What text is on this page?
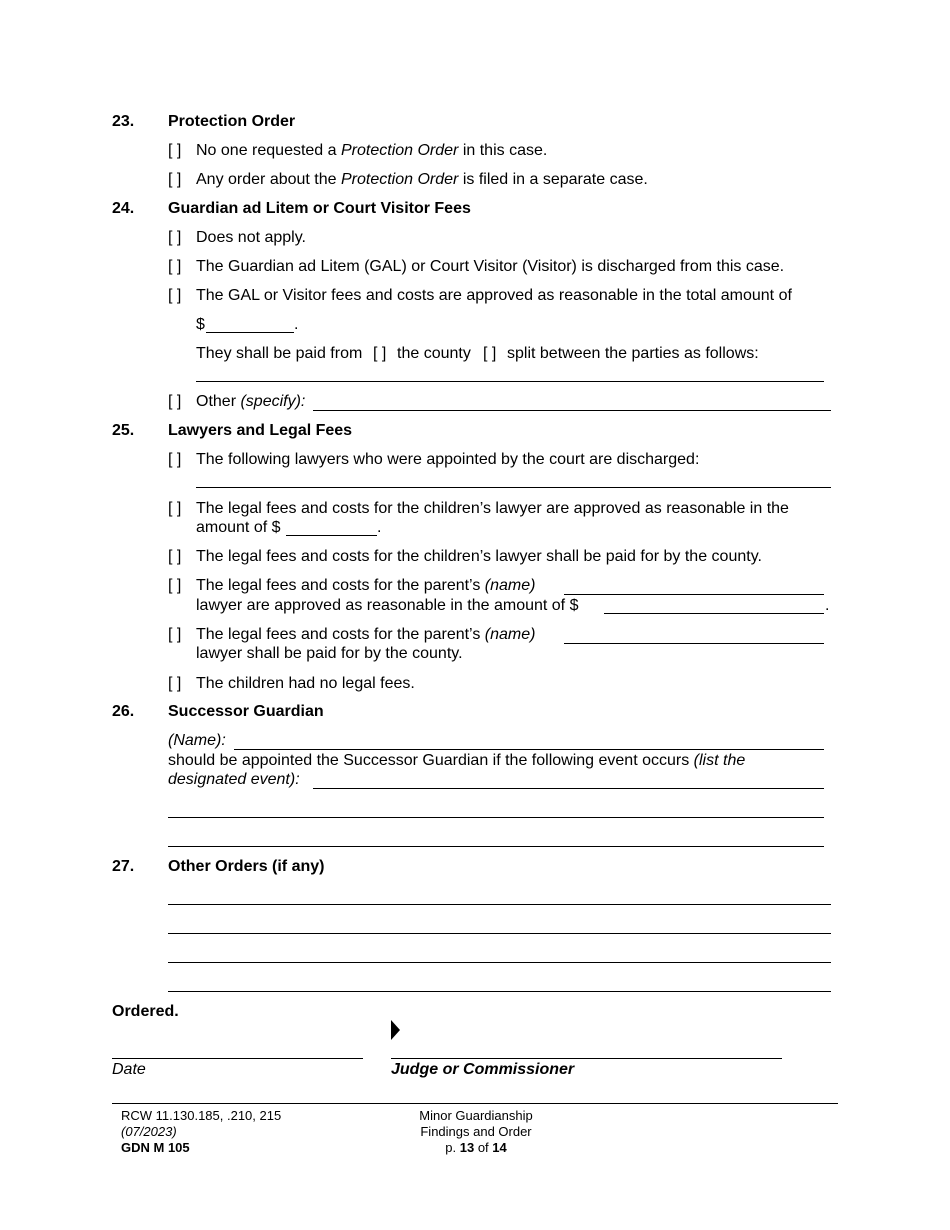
23. Protection Order
[ ] No one requested a Protection Order in this case.
[ ] Any order about the Protection Order is filed in a separate case.
24. Guardian ad Litem or Court Visitor Fees
[ ] Does not apply.
[ ] The Guardian ad Litem (GAL) or Court Visitor (Visitor) is discharged from this case.
[ ] The GAL or Visitor fees and costs are approved as reasonable in the total amount of
$	.
They shall be paid from [ ] the county [ ] split between the parties as follows:
[ ] Other (specify):
25. Lawyers and Legal Fees
[ ] The following lawyers who were appointed by the court are discharged:
[ ] The legal fees and costs for the children’s lawyer are approved as reasonable in the
amount of $	.
[ ] The legal fees and costs for the children’s lawyer shall be paid for by the county.
[ ] The legal fees and costs for the parent’s (name)
lawyer are approved as reasonable in the amount of $	.
[ ] The legal fees and costs for the parent’s (name)
lawyer shall be paid for by the county.
[ ] The children had no legal fees.
26. Successor Guardian
(Name):
should be appointed the Successor Guardian if the following event occurs (list the
designated event):
27. Other Orders (if any)
Ordered.
Date	Judge or Commissioner
RCW 11.130.185, .210, 215
(07/2023)
GDN M 105
Minor Guardianship
Findings and Order
p. 13 of 14
